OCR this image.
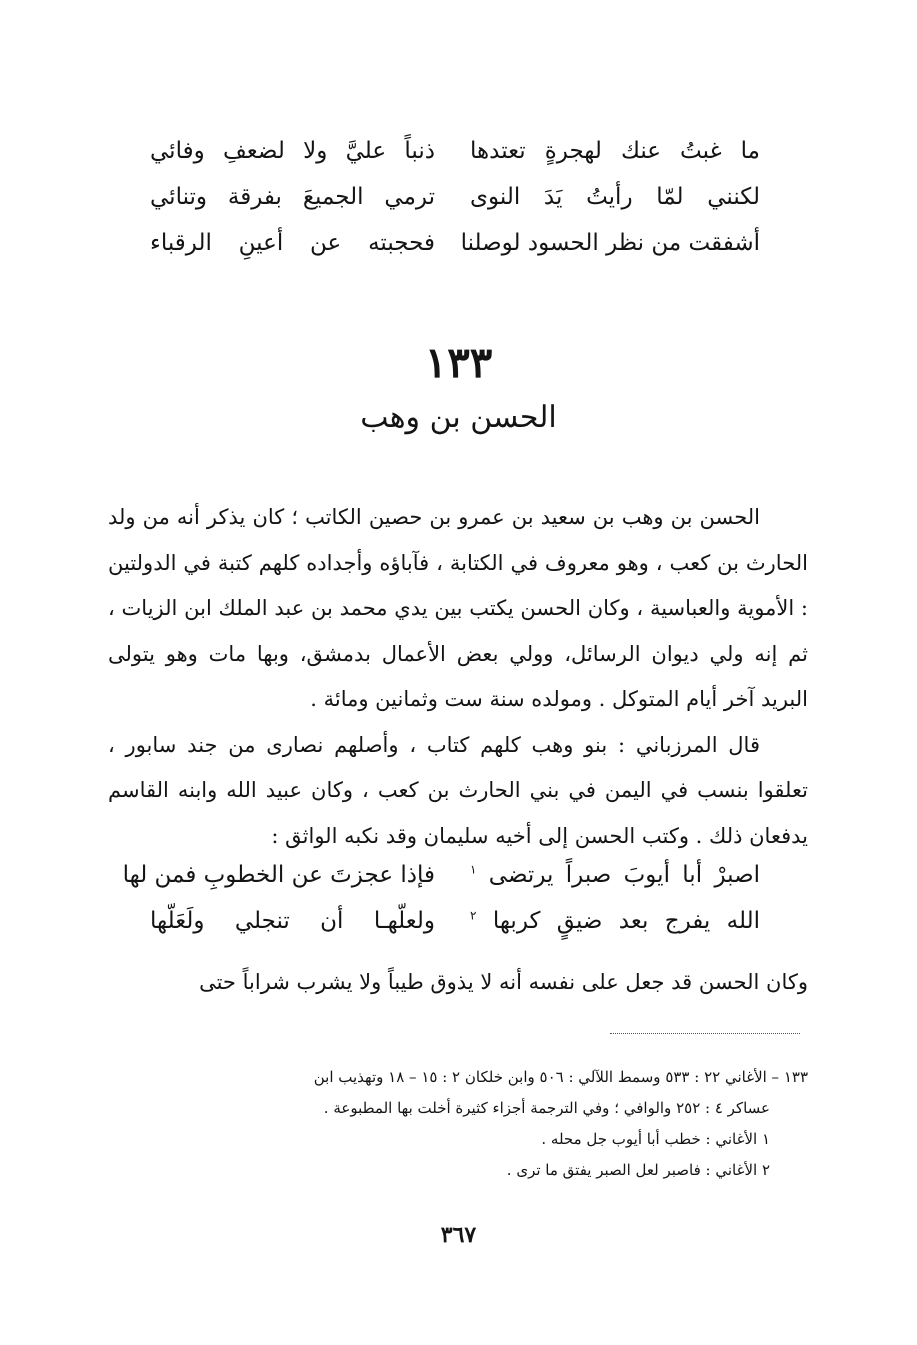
ما غبتُ عنك لهجرةٍ تعتدها
ذنباً عليَّ ولا لضعفِ وفائي
لكنني لمّا رأيتُ يَدَ النوى
ترمي الجميعَ بفرقة وتنائي
أشفقت من نظر الحسود لوصلنا
فحجبته عن أعينِ الرقباء
١٣٣
الحسن بن وهب

الحسن بن وهب بن سعيد بن عمرو بن حصين الكاتب ؛ كان يذكر أنه من ولد الحارث بن كعب ، وهو معروف في الكتابة ، فآباؤه وأجداده كلهم كتبة في الدولتين : الأموية والعباسية ، وكان الحسن يكتب بين يدي محمد بن عبد الملك ابن الزيات ، ثم إنه ولي ديوان الرسائل، وولي بعض الأعمال بدمشق، وبها مات وهو يتولى البريد آخر أيام المتوكل . ومولده سنة ست وثمانين ومائة .

قال المرزباني : بنو وهب كلهم كتاب ، وأصلهم نصارى من جند سابور ، تعلقوا بنسب في اليمن في بني الحارث بن كعب ، وكان عبيد الله وابنه القاسم يدفعان ذلك . وكتب الحسن إلى أخيه سليمان وقد نكبه الواثق :

اصبرْ أبا أيوبَ صبراً يرتضى $^١$
فإذا عجزتَ عن الخطوبِ فمن لها
الله يفرج بعد ضيقٍ كربها $^٢$
ولعلّهـا أن تنجلي ولَعَلّها

وكان الحسن قد جعل على نفسه أنه لا يذوق طيباً ولا يشرب شراباً حتى

١٣٣ – الأغاني ٢٢ : ٥٣٣ وسمط اللآلي : ٥٠٦ وابن خلكان ٢ : ١٥ – ١٨ وتهذيب ابن

عساكر ٤ : ٢٥٢ والوافي ؛ وفي الترجمة أجزاء كثيرة أخلت بها المطبوعة .

١ الأغاني : خطب أبا أيوب جل محله .

٢ الأغاني : فاصبر لعل الصبر يفتق ما ترى .

٣٦٧
